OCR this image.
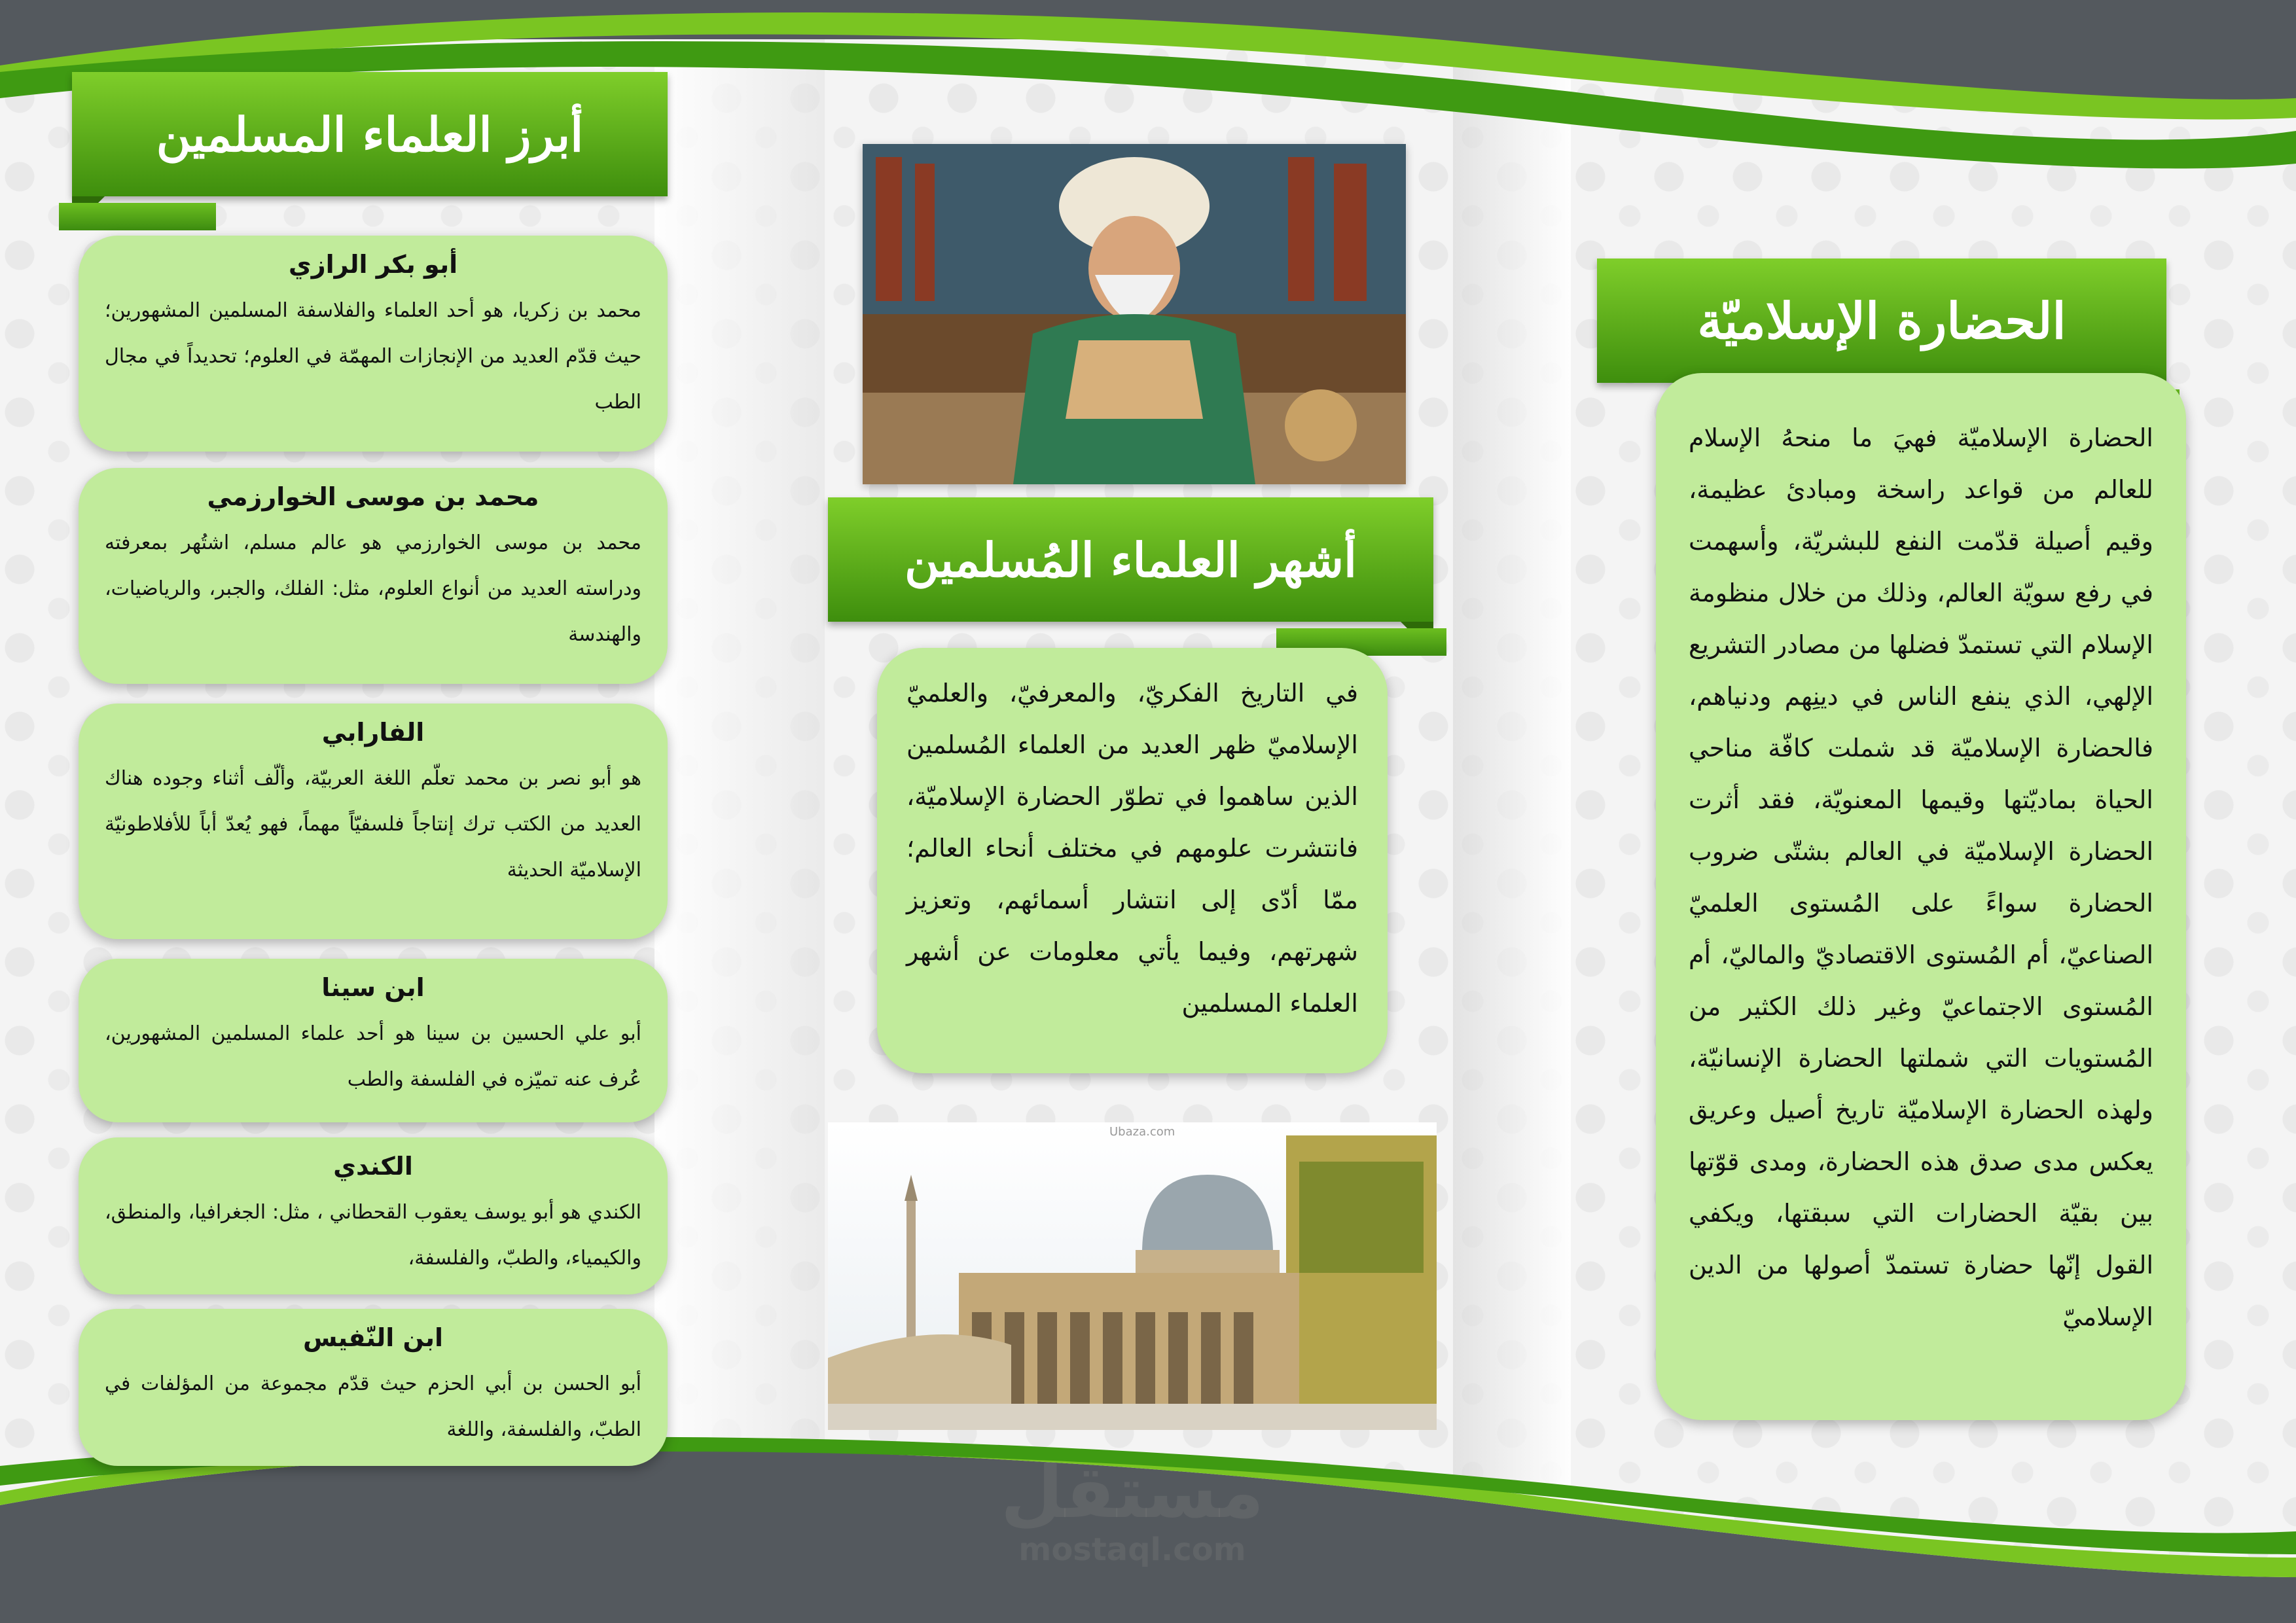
الحضارة الإسلاميّة

الحضارة الإسلاميّة فهيَ ما منحهُ الإسلام للعالم من قواعد راسخة ومبادئ عظيمة، وقيم أصيلة قدّمت النفع للبشريّة، وأسهمت في رفع سويّة العالم، وذلك من خلال منظومة الإسلام التي تستمدّ فضلها من مصادر التشريع الإلهي، الذي ينفع الناس في دينِهم ودنياهم، فالحضارة الإسلاميّة قد شملت كافّة مناحي الحياة بماديّتها وقيمها المعنويّة، فقد أثرت الحضارة الإسلاميّة في العالم بشتّى ضروب الحضارة سواءً على المُستوى العلميّ الصناعيّ، أم المُستوى الاقتصاديّ والماليّ، أم المُستوى الاجتماعيّ وغير ذلك الكثير من المُستويات التي شملتها الحضارة الإنسانيّة، ولهذه الحضارة الإسلاميّة تاريخ أصيل وعريق يعكس مدى صدق هذه الحضارة، ومدى قوّتها بين بقيّة الحضارات التي سبقتها، ويكفي القول إنّها حضارة تستمدّ أصولها من الدين الإسلاميّ

أشهر العلماء المُسلمين

في التاريخ الفكريّ، والمعرفيّ، والعلميّ الإسلاميّ ظهر العديد من العلماء المُسلمين الذين ساهموا في تطوّر الحضارة الإسلاميّة، فانتشرت علومهم في مختلف أنحاء العالم؛ ممّا أدّى إلى انتشار أسمائهم، وتعزيز شهرتهم، وفيما يأتي معلومات عن أشهر العلماء المسلمين

Ubaza.com
أبرز العلماء المسلمين

أبو بكر الرازي

محمد بن زكريا، هو أحد العلماء والفلاسفة المسلمين المشهورين؛ حيث قدّم العديد من الإنجازات المهمّة في العلوم؛ تحديداً في مجال الطب

محمد بن موسى الخوارزمي

محمد بن موسى الخوارزمي هو عالم مسلم، اشتُهر بمعرفته ودراسته العديد من أنواع العلوم، مثل: الفلك، والجبر، والرياضيات، والهندسة

الفارابي

هو أبو نصر بن محمد تعلّم اللغة العربيّة، وألّف أثناء وجوده هناك العديد من الكتب ترك إنتاجاً فلسفيّاً مهماً، فهو يُعدّ أباً للأفلاطونيّة الإسلاميّة الحديثة

ابن سينا

أبو علي الحسين بن سينا هو أحد علماء المسلمين المشهورين، عُرف عنه تميّزه في الفلسفة والطب

الكندي

الكندي هو أبو يوسف يعقوب القحطاني ، مثل: الجغرافيا، والمنطق، والكيمياء، والطبّ، والفلسفة،

ابن النّفيس

أبو الحسن بن أبي الحزم حيث قدّم مجموعة من المؤلفات في الطبّ، والفلسفة، واللغة

مستقل
mostaql.com
